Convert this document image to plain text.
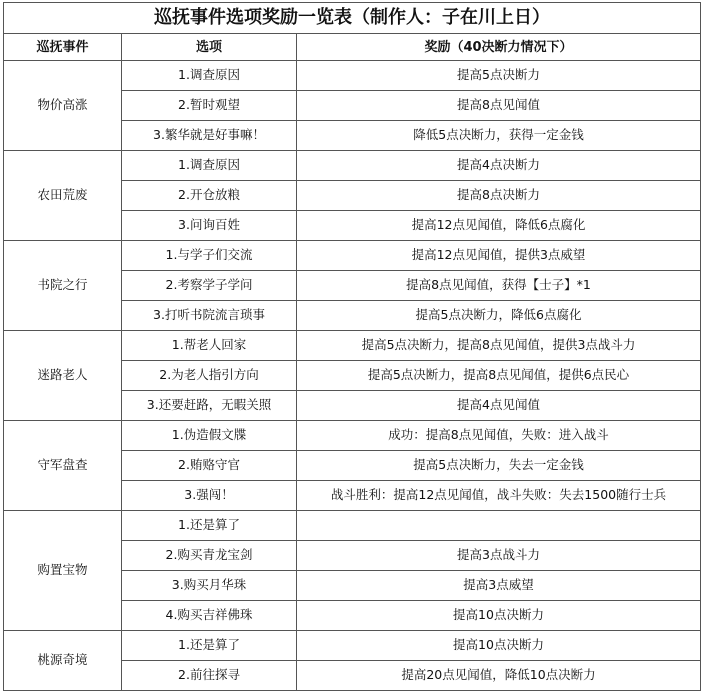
巡抚事件选项奖励一览表（制作人：子在川上日）		
巡抚事件	选项	奖励（40决断力情况下）
物价高涨	1.调查原因	提高5点决断力
	2.暂时观望	提高8点见闻值
	3.繁华就是好事嘛！	降低5点决断力，获得一定金钱
农田荒废	1.调查原因	提高4点决断力
	2.开仓放粮	提高8点决断力
	3.问询百姓	提高12点见闻值，降低6点腐化
书院之行	1.与学子们交流	提高12点见闻值，提供3点威望
	2.考察学子学问	提高8点见闻值，获得【士子】*1
	3.打听书院流言琐事	提高5点决断力，降低6点腐化
迷路老人	1.帮老人回家	提高5点决断力，提高8点见闻值，提供3点战斗力
	2.为老人指引方向	提高5点决断力，提高8点见闻值，提供6点民心
	3.还要赶路，无暇关照	提高4点见闻值
守军盘查	1.伪造假文牒	成功：提高8点见闻值，失败：进入战斗
	2.贿赂守官	提高5点决断力，失去一定金钱
	3.强闯！	战斗胜利：提高12点见闻值，战斗失败：失去1500随行士兵
购置宝物	1.还是算了	
	2.购买青龙宝剑	提高3点战斗力
	3.购买月华珠	提高3点威望
	4.购买吉祥佛珠	提高10点决断力
桃源奇境	1.还是算了	提高10点决断力
	2.前往探寻	提高20点见闻值，降低10点决断力
